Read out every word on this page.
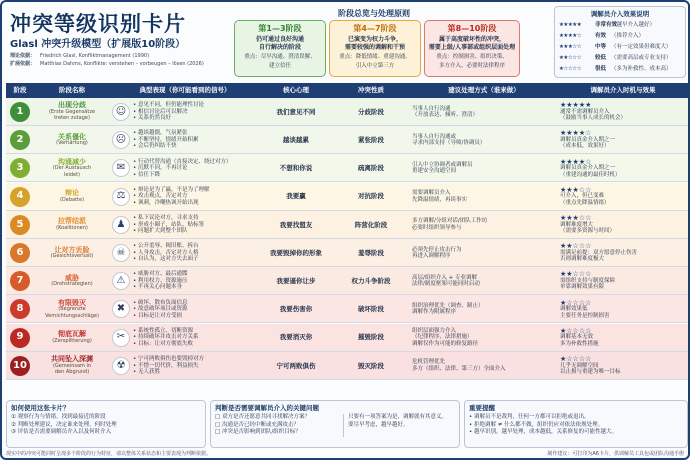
冲突等级识别卡片
Glasl 冲突升级模型（扩展版10阶段）
理论依据： Friedrich Glasl, Konfliktmanagement (1990)
扩展依据： Matthias Dahms, Konflikte: verstehen – vorbeugen – lösen (2026)
阶段总览与处理原则
第1—3阶段
仍可通过良好沟通
自行解决的阶段
重点：尽早沟通、澄清误解、
建立信任
第4—7阶段
已演变为权力斗争，
需要较强的调解和干预
重点：降低情绪、重建沟通、
引入中立第三方
第8—10阶段
属于高度破坏性的冲突，
需要上级/人事部或组织层面处理
重点：控制损害、组织决策、
多方介入、必要时法律程序
调解员介入效果说明
★★★★★	非常有效（越早介入越好）
★★★★☆	有效 （推荐介入）
★★★☆☆	中等 （有一定效果但难度大）
★★☆☆☆	较低 （需要高层或专业支持）
★☆☆☆☆	很低 （多为补救性、成本高）
阶段	阶段名称	典型表现（你可能看到的信号）	核心心理	冲突性质	建议处理方式（谁来做）	调解员介入时机与效果
1
出现分歧
(Erste Gegensätze
treten zutage)
☺
• 意见不同，但仍能理性讨论
• 相信讨论后可以解决
• 关系仍然良好
我们意见不同	分歧阶段	当事人自行沟通
（开放表达、倾听、澄清）
★★★★★
通常不需调解员介入
（鼓励当事人成长的机会）
2	关系僵化
(Verhärtung)	☹
• 越谈越僵，气氛紧张
• 不断坚持，情绪开始积累
• 会后仍纠结不快
越谈越累	紧张阶段	当事人自行沟通或
寻求内部支持（导师/协调员）
★★★★☆
调解员真金介入期之一
（成本低，效果好）
3
沟通减少
(Der Austausch
leidet)
✉
• 行动代替沟通（直接决定、绕过对方）
• 沉默不回，不再讨论
• 信任下降
不想和你说	疏离阶段	引入中立协调者或调解员
重建安全沟通空间
★★★★☆
调解员真金介入期之一
（重建沟通的最佳时机）
4	辩论
(Debatte)	⚖
• 辩论是为了赢，不是为了理解
• 攻击观点，否定对方
• 讽刺，冷嘲热讽开始出现
我要赢	对抗阶段	需要调解员介入
先降温情绪，再谈事实
★★★☆☆
可介入，但已变难
（重点先降温情绪）
5	拉帮结派
(Koalitionen)	♟
• 私下议论对方，寻求支持
• 形成小圈子，站队、贴标签
• 问题扩大到整个团队
我要找盟友	阵营化阶段	多方调解/分组对话/团队工作坊
必要时组织领导参与
★★★☆☆
调解难度增大
（需要多资源与时间）
6	让对方丢脸
(Gesichtsverlust)	☠
• 公开羞辱、揭旧账、拆台
• 人身攻击，否定对方人格
• 自认为，这对方失去面子
我要毁掉你的形象	羞辱阶段	必须先停止攻击行为
再进入调解程序
★★☆☆☆
需满足前提：双方愿意停止伤害
否则调解难度极大
7	威胁
(Drohstrategien)	⚠
• 威胁对方、最后通牒
• 利用权力、资源施压
• 不再关心问题本身
我要逼你让步	权力斗争阶段	高层/组织介入 + 专业调解
法律/制度框架可能同时启动
★★☆☆☆
需组织支持与制度保障
单靠调解效果有限
8
有限毁灭
(Begrenzte
Vernichtungsschläge)
✖
• 破坏、散布负面信息
• 故意破坏项目或资源
• 目标是让对方受损
我要伤害你	破坏阶段	组织治理优先（调查、制止）
调解作为附属程序
★☆☆☆☆
调解效果低
主要任务是控制损害
9	彻底瓦解
(Zersplitterung)	✂
• 系统性孤立、切断资源
• 持续破坏并攻击对方关系
• 目标：让对方彻底失败
我要消灭你	摧毁阶段
组织层面强力介入
（纪律程序、法律措施）
调解仅作为可能的修复路径
★☆☆☆☆
调解基本无效
多为补救性措施
10
共同坠入深渊
(Gemeinsam in
den Abgrund)
☢
• 宁可两败俱伤也要毁掉对方
• 不惜一切代价，利益损失
• 无人获胜
宁可两败俱伤	毁灭阶段	危机管理优先
多方（组织、法律、第三方）全面介入
★☆☆☆☆
几乎无调解空间
以止损与重建为唯一目标
如何使用这张卡片？
① 观察行为与情绪，找到最接近的阶段
② 判断处理建议，决定谁来处理、何时处理
③ 评估是否需要调解员介入以及何时介入
判断是否需要调解员介入的关键问题
□ 双方是否还愿意共同寻找解决方案？
□ 沟通是否已经中断或充满攻击？
□ 冲突是否影响到团队/组织目标？
只要有一项答案为是，调解就有其意义。
要尽早考虑，越早越好。
重要提醒
• 调解员不是裁判，任何一方都可以拒绝或退出。
• 拒绝调解 ≠ 什么都不做，组织仍应对依法依规处理。
• 越早识别，越早处理，成本越低，关系修复的可能性越大。
现实中的冲突可能同时呈现多个阶段的行为特征，请以整体关系状态和主要表现为判断依据。	制作建议：可打印为A6卡片，供调解员工具包或团队沟通手册
